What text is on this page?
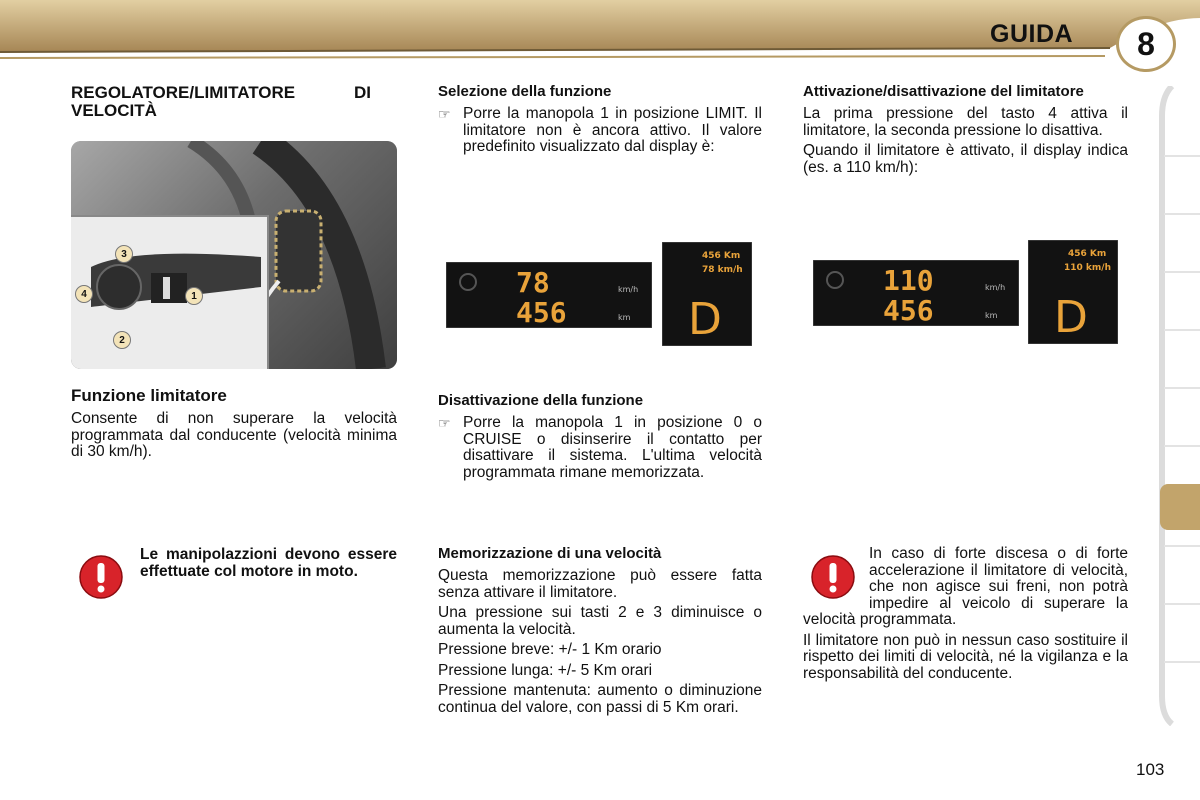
GUIDA	8
REGOLATORE/LIMITATORE DI VELOCITÀ
3
4	1
2
Funzione limitatore

Consente di non superare la velocità programmata dal conducente (velocità minima di 30 km/h).

Le manipolazzioni devono essere effettuate col motore in moto.

Selezione della funzione

☞ Porre la manopola 1 in posizione LIMIT. Il limitatore non è ancora attivo. Il valore predefinito visualizzato dal display è:

78
456
km/h
km
456 Km
78 km/h
D
Disattivazione della funzione

☞ Porre la manopola 1 in posizione 0 o CRUISE o disinserire il contatto per disattivare il sistema. L'ultima velocità programmata rimane memorizzata.

Memorizzazione di una velocità

Questa memorizzazione può essere fatta senza attivare il limitatore.

Una pressione sui tasti 2 e 3 diminuisce o aumenta la velocità.

Pressione breve: +/- 1 Km orario

Pressione lunga: +/- 5 Km orari

Pressione mantenuta: aumento o diminuzione continua del valore, con passi di 5 Km orari.

Attivazione/disattivazione del limitatore

La prima pressione del tasto 4 attiva il limitatore, la seconda pressione lo disattiva.

Quando il limitatore è attivato, il display indica (es. a 110 km/h):

110
456
km/h
km
456 Km
110 km/h
D

In caso di forte discesa o di forte accelerazione il limitatore di velocità, che non agisce sui freni, non potrà impedire al veicolo di superare la velocità programmata.

Il limitatore non può in nessun caso sostituire il rispetto dei limiti di velocità, né la vigilanza e la responsabilità del conducente.

103
